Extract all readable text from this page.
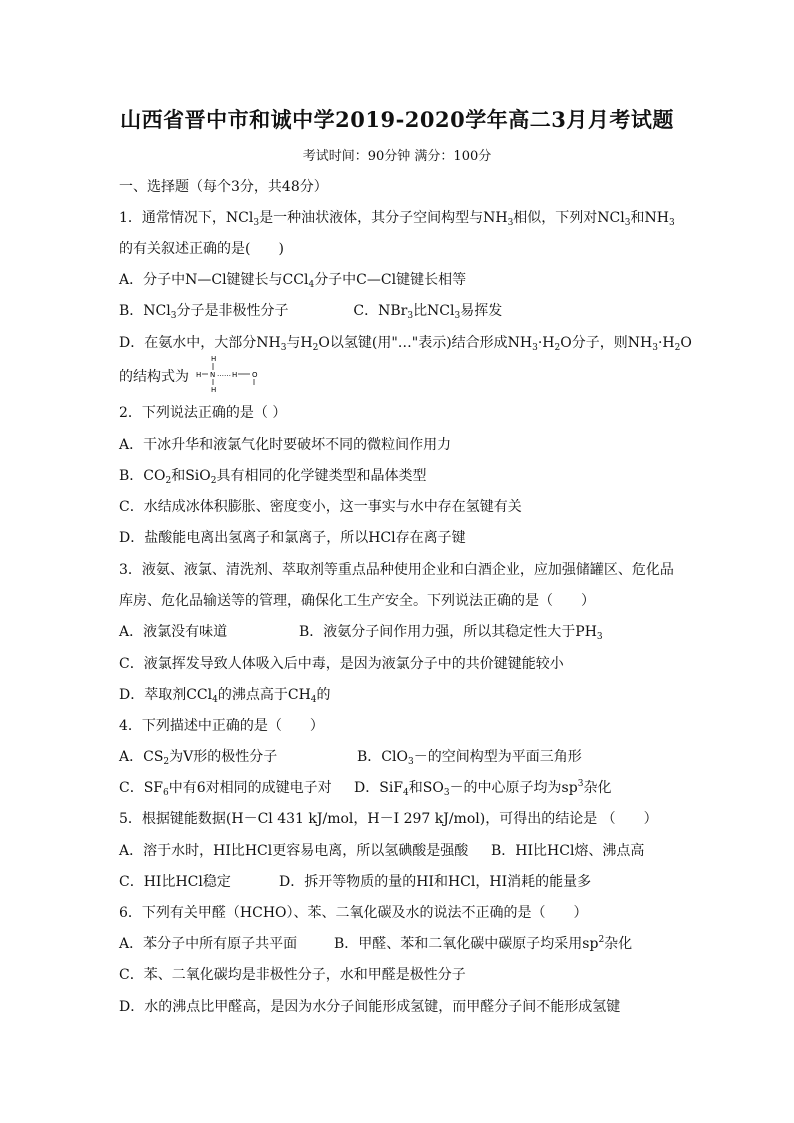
山西省晋中市和诚中学2019-2020学年高二3月月考试题
考试时间：90分钟 满分：100分
一、选择题（每个3分，共48分）
1．通常情况下，NCl$_3$是一种油状液体，其分子空间构型与$NH_3$相似，下列对NCl$_3$和$NH_3$
的有关叙述正确的是(　　)
A．分子中N—Cl键键长与CCl$_4$分子中C—Cl键键长相等
B．NCl$_3$分子是非极性分子	C．NBr$_3$比NCl$_3$易挥发
D．在氨水中，大部分$NH_3$与$H_2O$以氢键(用"…"表示)结合形成$NH_3\cdot H_2O$分子，则$NH_3\cdot H_2O$
的结构式为
H
H N
H
…… H O
2．下列说法正确的是（ ）
A．干冰升华和液氯气化时要破坏不同的微粒间作用力
B．$CO_2$和SiO$_2$具有相同的化学键类型和晶体类型
C．水结成冰体积膨胀、密度变小，这一事实与水中存在氢键有关
D．盐酸能电离出氢离子和氯离子，所以HCl存在离子键
3．液氨、液氯、清洗剂、萃取剂等重点品种使用企业和白酒企业，应加强储罐区、危化品
库房、危化品输送等的管理，确保化工生产安全。下列说法正确的是（　　）
A．液氯没有味道	B．液氨分子间作用力强，所以其稳定性大于$PH_3$
C．液氯挥发导致人体吸入后中毒，是因为液氯分子中的共价键键能较小
D．萃取剂CCl$_4$的沸点高于$CH_4$的
4．下列描述中正确的是（　　）
A．$CS_2$为V形的极性分子	B．ClO$_3$－的空间构型为平面三角形
C．$SF_6$中有6对相同的成键电子对 D．SiF$_4$和$SO_3-$的中心原子均为$sp^3$杂化
5．根据键能数据(H－Cl 431 kJ/mol，H－I 297 kJ/mol)，可得出的结论是 （　　）
A．溶于水时，HI比HCl更容易电离，所以氢碘酸是强酸 B．HI比HCl熔、沸点高
C．HI比HCl稳定	D．拆开等物质的量的HI和HCl，HI消耗的能量多
6．下列有关甲醛（HCHO）、苯、二氧化碳及水的说法不正确的是（　　）
A．苯分子中所有原子共平面	B．甲醛、苯和二氧化碳中碳原子均采用$sp^2$杂化
C．苯、二氧化碳均是非极性分子，水和甲醛是极性分子
D．水的沸点比甲醛高，是因为水分子间能形成氢键，而甲醛分子间不能形成氢键
